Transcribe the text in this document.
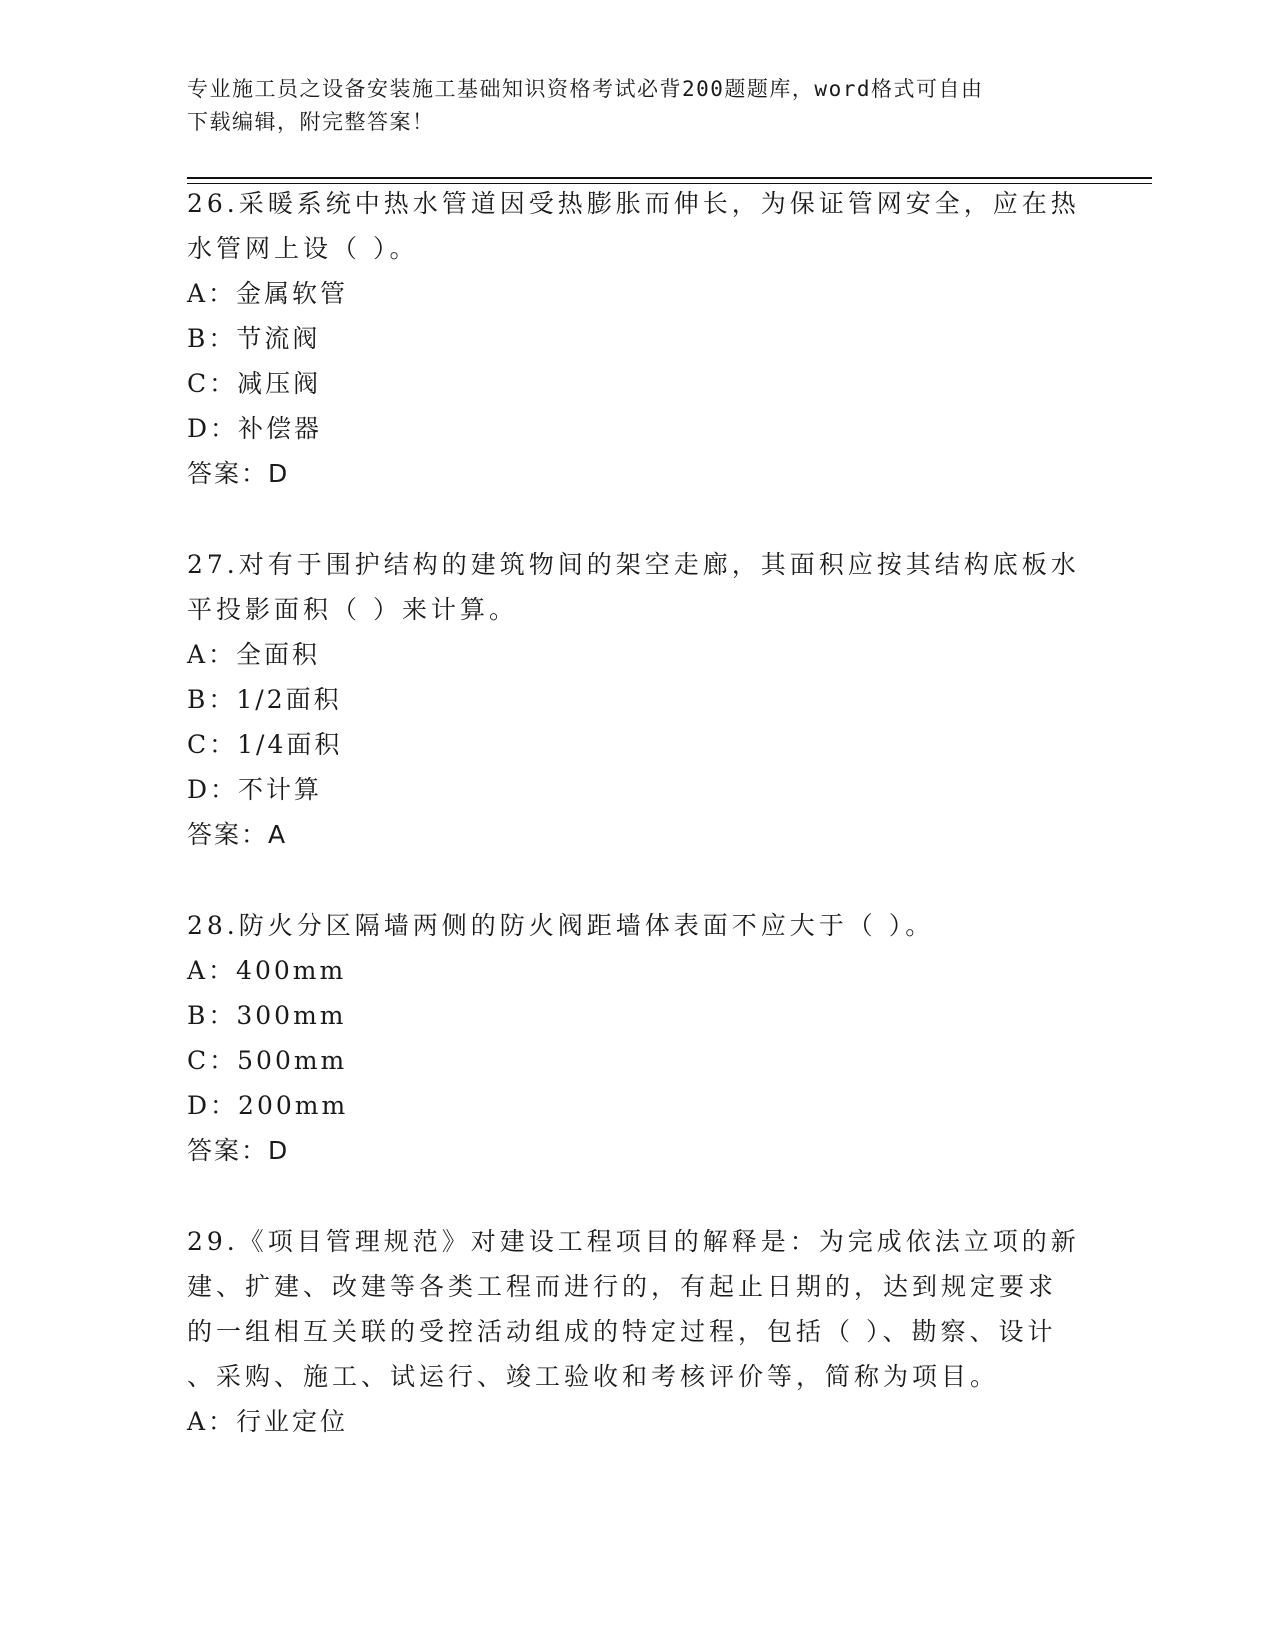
专业施工员之设备安装施工基础知识资格考试必背200题题库，word格式可自由
下载编辑，附完整答案！

26.采暖系统中热水管道因受热膨胀而伸长，为保证管网安全，应在热

水管网上设（ ）。

A：金属软管

B：节流阀

C：减压阀

D：补偿器

答案：D

27.对有于围护结构的建筑物间的架空走廊，其面积应按其结构底板水

平投影面积（ ）来计算。

A：全面积

B：1/2面积

C：1/4面积

D：不计算

答案：A

28.防火分区隔墙两侧的防火阀距墙体表面不应大于（ ）。

A：400mm

B：300mm

C：500mm

D：200mm

答案：D

29.《项目管理规范》对建设工程项目的解释是：为完成依法立项的新

建、扩建、改建等各类工程而进行的，有起止日期的，达到规定要求

的一组相互关联的受控活动组成的特定过程，包括（ ）、勘察、设计

、采购、施工、试运行、竣工验收和考核评价等，简称为项目。

A：行业定位
